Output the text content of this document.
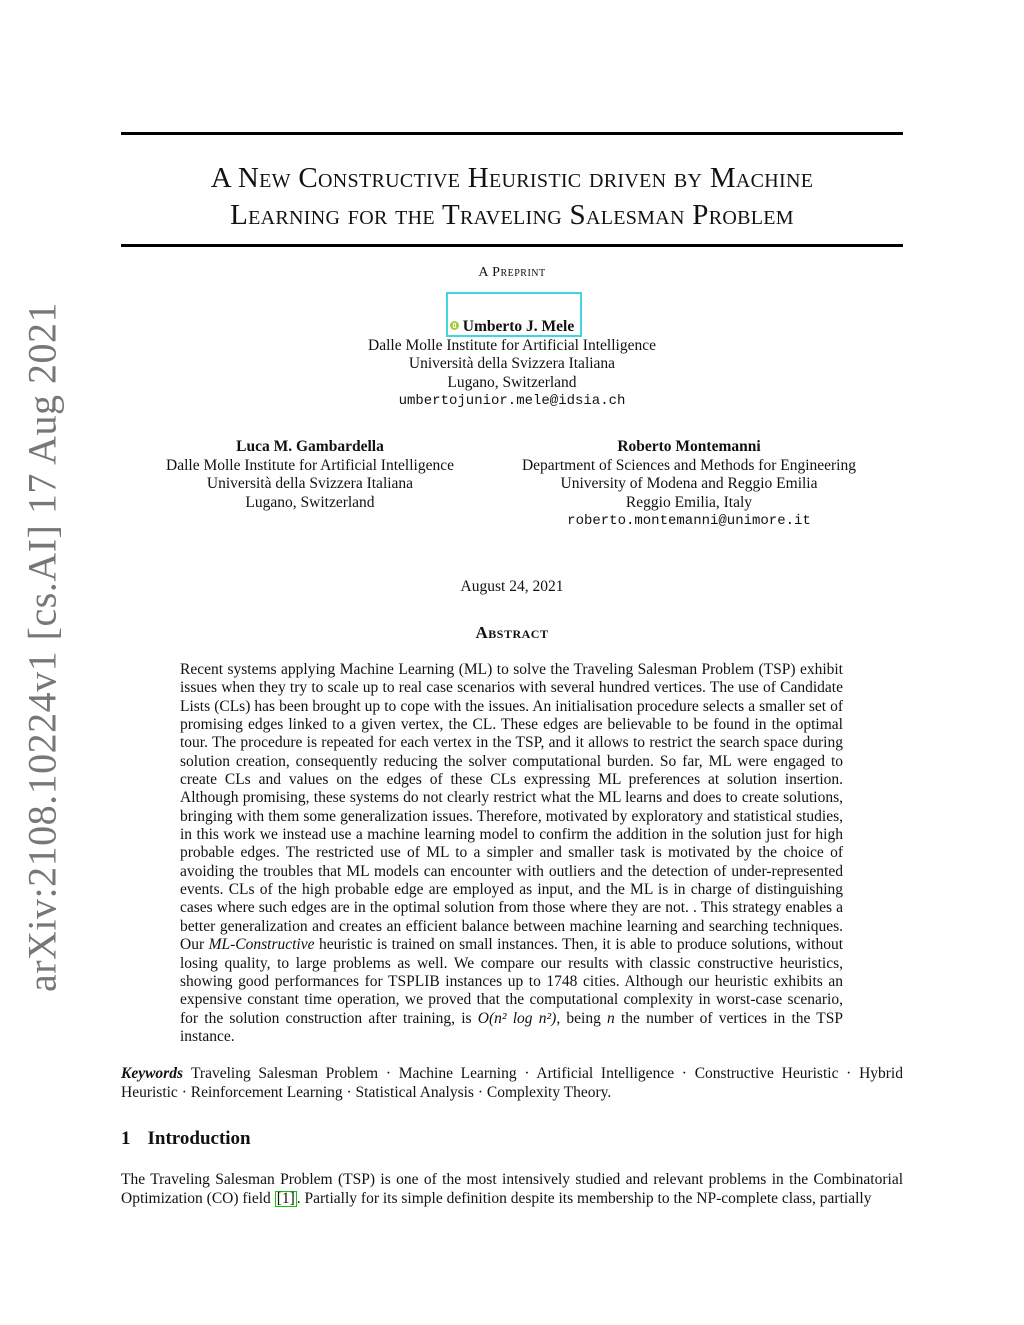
arXiv:2108.10224v1 [cs.AI] 17 Aug 2021
A New Constructive Heuristic driven by Machine
Learning for the Traveling Salesman Problem
A Preprint
Umberto J. Mele
Dalle Molle Institute for Artificial Intelligence
Università della Svizzera Italiana
Lugano, Switzerland
umbertojunior.mele@idsia.ch
Luca M. Gambardella
Dalle Molle Institute for Artificial Intelligence
Università della Svizzera Italiana
Lugano, Switzerland
Roberto Montemanni
Department of Sciences and Methods for Engineering
University of Modena and Reggio Emilia
Reggio Emilia, Italy
roberto.montemanni@unimore.it
August 24, 2021
Abstract
Recent systems applying Machine Learning (ML) to solve the Traveling Salesman Problem (TSP) exhibit issues when they try to scale up to real case scenarios with several hundred vertices. The use of Candidate Lists (CLs) has been brought up to cope with the issues. An initialisation procedure selects a smaller set of promising edges linked to a given vertex, the CL. These edges are believable to be found in the optimal tour. The procedure is repeated for each vertex in the TSP, and it allows to restrict the search space during solution creation, consequently reducing the solver computational burden. So far, ML were engaged to create CLs and values on the edges of these CLs expressing ML preferences at solution insertion. Although promising, these systems do not clearly restrict what the ML learns and does to create solutions, bringing with them some generalization issues. Therefore, motivated by exploratory and statistical studies, in this work we instead use a machine learning model to confirm the addition in the solution just for high probable edges. The restricted use of ML to a simpler and smaller task is motivated by the choice of avoiding the troubles that ML models can encounter with outliers and the detection of under-represented events. CLs of the high probable edge are employed as input, and the ML is in charge of distinguishing cases where such edges are in the optimal solution from those where they are not. . This strategy enables a better generalization and creates an efficient balance between machine learning and searching techniques. Our ML-Constructive heuristic is trained on small instances. Then, it is able to produce solutions, without losing quality, to large problems as well. We compare our results with classic constructive heuristics, showing good performances for TSPLIB instances up to 1748 cities. Although our heuristic exhibits an expensive constant time operation, we proved that the computational complexity in worst-case scenario, for the solution construction after training, is O(n² log n²), being n the number of vertices in the TSP instance.
Keywords Traveling Salesman Problem · Machine Learning · Artificial Intelligence · Constructive Heuristic · Hybrid Heuristic · Reinforcement Learning · Statistical Analysis · Complexity Theory.
1 Introduction
The Traveling Salesman Problem (TSP) is one of the most intensively studied and relevant problems in the Combinatorial Optimization (CO) field [1] . Partially for its simple definition despite its membership to the NP-complete class, partially
